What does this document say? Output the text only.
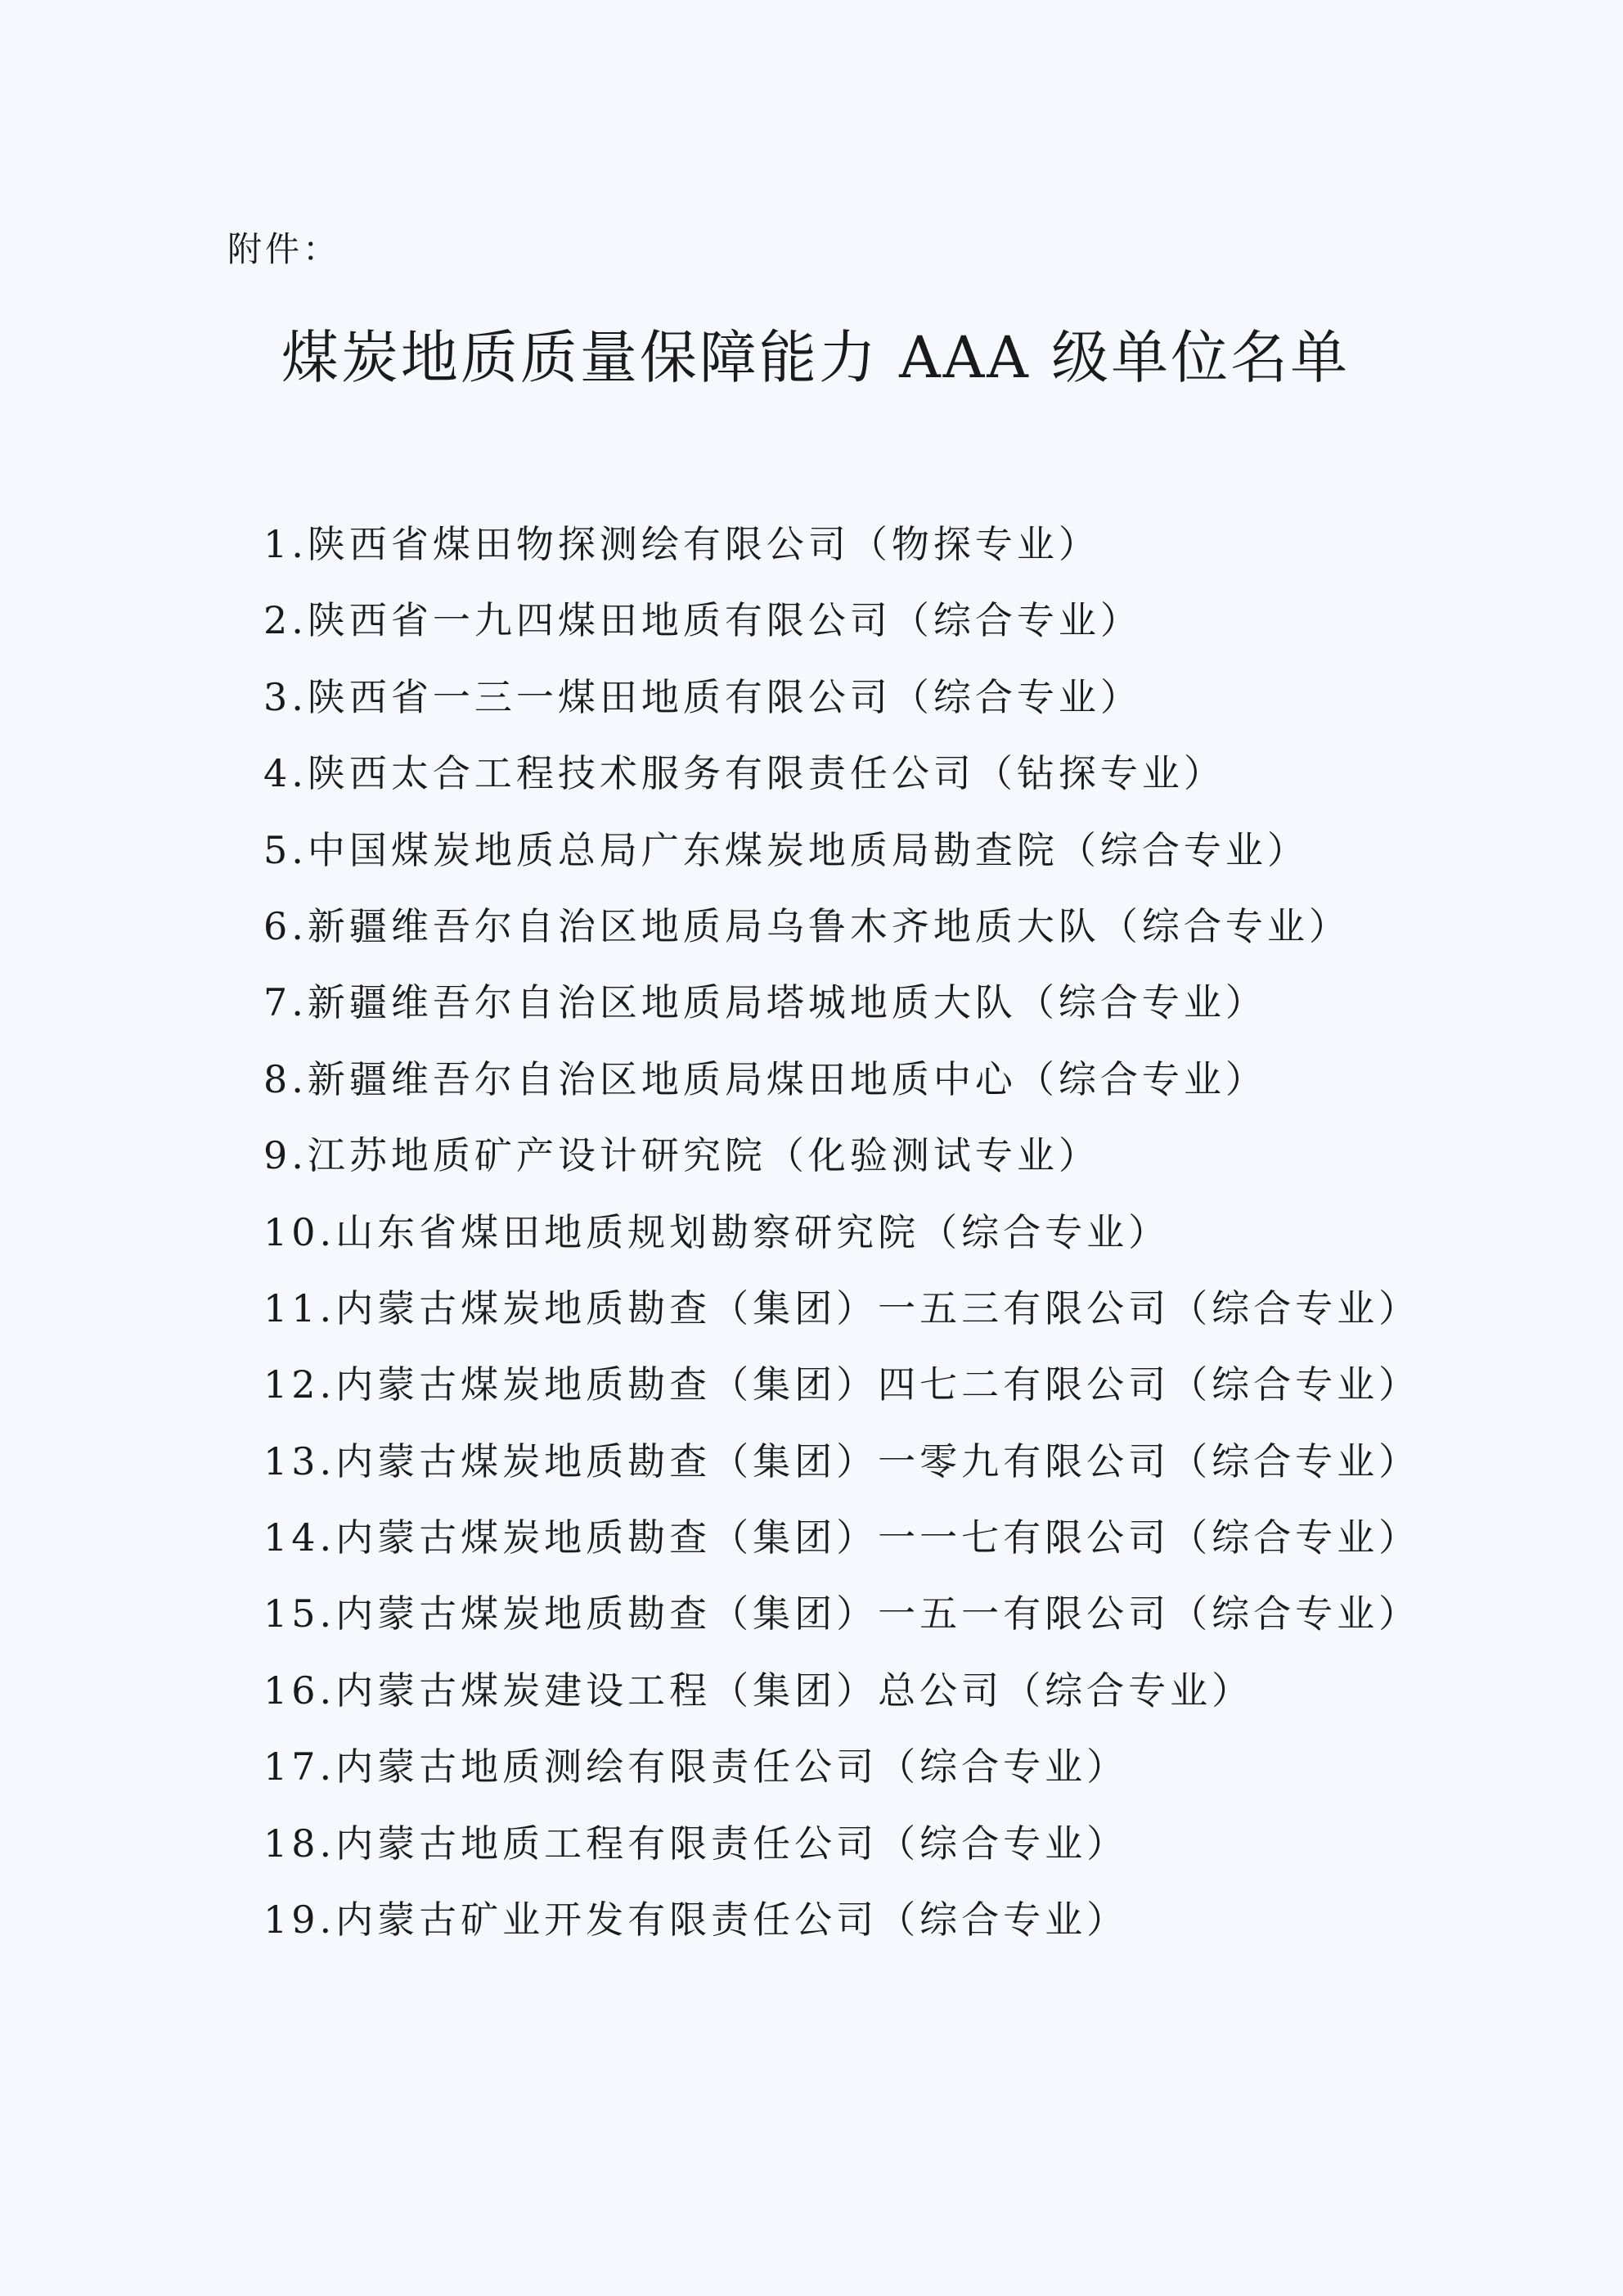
附件：
煤炭地质质量保障能力 AAA 级单位名单
1.陕西省煤田物探测绘有限公司（物探专业）
2.陕西省一九四煤田地质有限公司（综合专业）
3.陕西省一三一煤田地质有限公司（综合专业）
4.陕西太合工程技术服务有限责任公司（钻探专业）
5.中国煤炭地质总局广东煤炭地质局勘查院（综合专业）
6.新疆维吾尔自治区地质局乌鲁木齐地质大队（综合专业）
7.新疆维吾尔自治区地质局塔城地质大队（综合专业）
8.新疆维吾尔自治区地质局煤田地质中心（综合专业）
9.江苏地质矿产设计研究院（化验测试专业）
10.山东省煤田地质规划勘察研究院（综合专业）
11.内蒙古煤炭地质勘查（集团）一五三有限公司（综合专业）
12.内蒙古煤炭地质勘查（集团）四七二有限公司（综合专业）
13.内蒙古煤炭地质勘查（集团）一零九有限公司（综合专业）
14.内蒙古煤炭地质勘查（集团）一一七有限公司（综合专业）
15.内蒙古煤炭地质勘查（集团）一五一有限公司（综合专业）
16.内蒙古煤炭建设工程（集团）总公司（综合专业）
17.内蒙古地质测绘有限责任公司（综合专业）
18.内蒙古地质工程有限责任公司（综合专业）
19.内蒙古矿业开发有限责任公司（综合专业）
